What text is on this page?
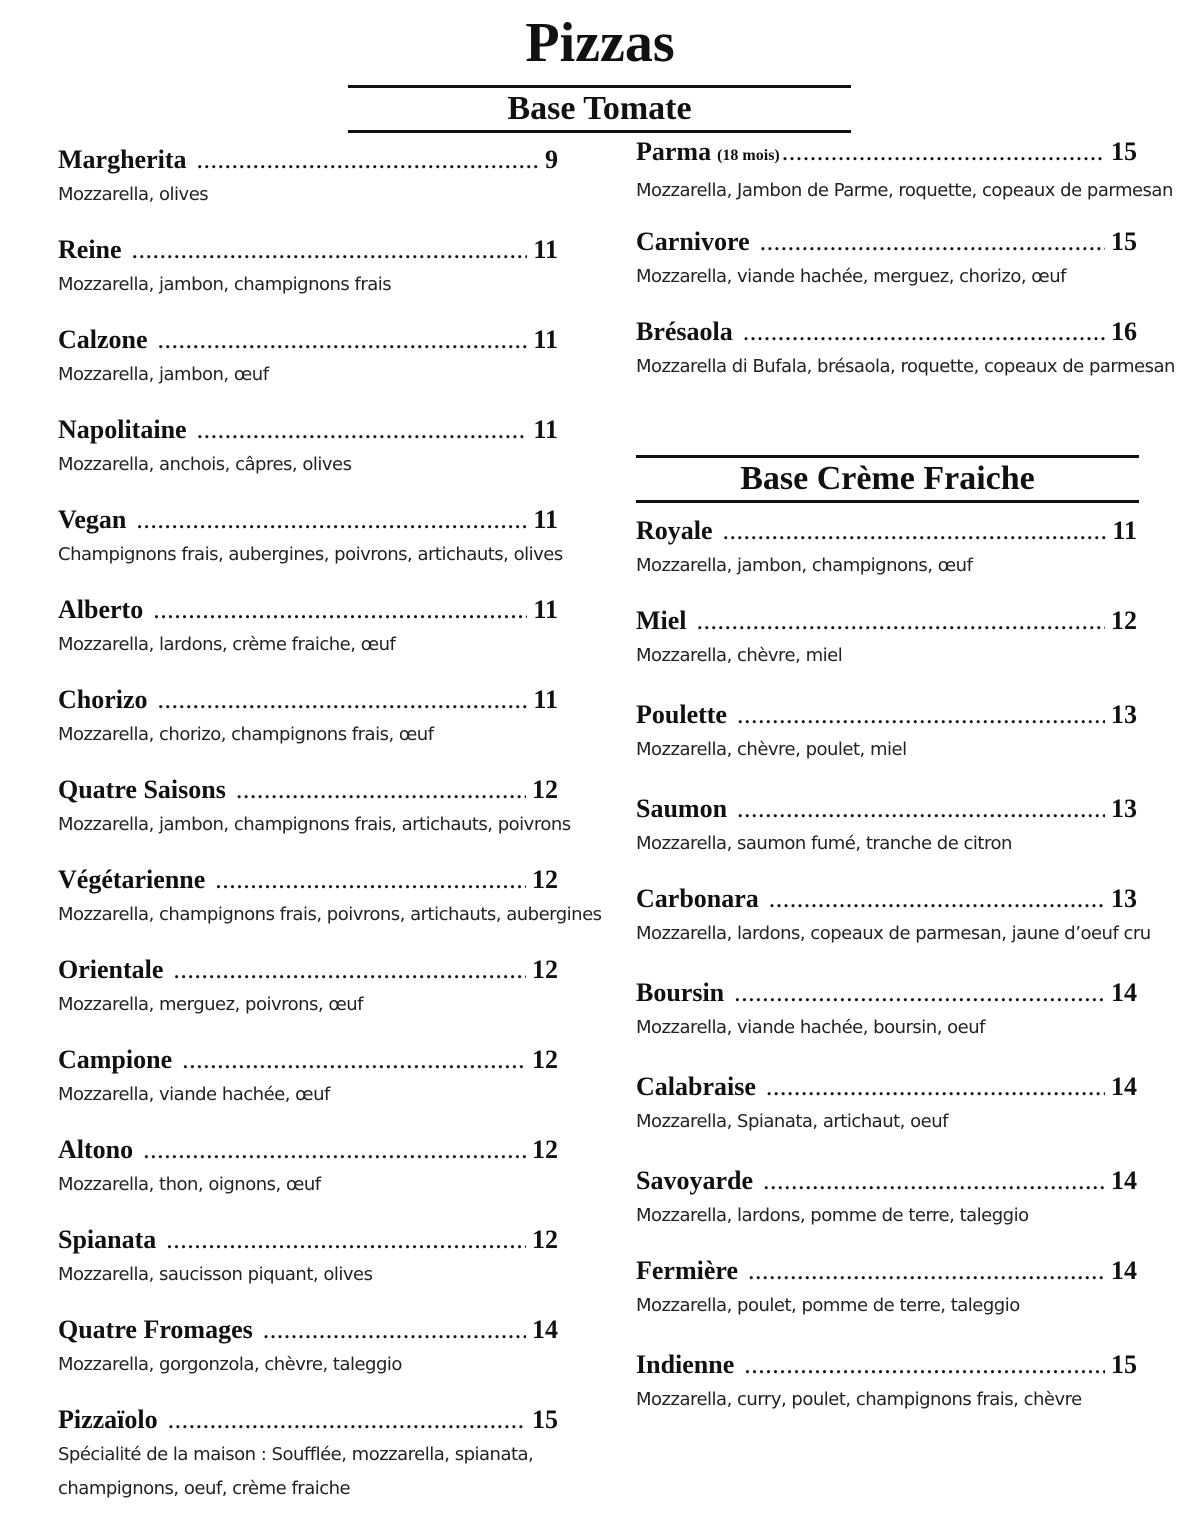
Pizzas
Base Tomate
Margherita .....	9
Mozzarella, olives
Reine .....	11
Mozzarella, jambon, champignons frais
Calzone .....	11
Mozzarella, jambon, œuf
Napolitaine .....	11
Mozzarella, anchois, câpres, olives
Vegan .....	11
Champignons frais, aubergines, poivrons, artichauts, olives
Alberto .....	11
Mozzarella, lardons, crème fraiche, œuf
Chorizo .....	11
Mozzarella, chorizo, champignons frais, œuf
Quatre Saisons .....	12
Mozzarella, jambon, champignons frais, artichauts, poivrons
Végétarienne .....	12
Mozzarella, champignons frais, poivrons, artichauts, aubergines
Orientale .....	12
Mozzarella, merguez, poivrons, œuf
Campione .....	12
Mozzarella, viande hachée, œuf
Altono .....	12
Mozzarella, thon, oignons, œuf
Spianata .....	12
Mozzarella, saucisson piquant, olives
Quatre Fromages .....	14
Mozzarella, gorgonzola, chèvre, taleggio
Pizzaïolo .....	15
Spécialité de la maison : Soufflée, mozzarella, spianata,
champignons, oeuf, crème fraiche
Parma (18 mois) .....	15
Mozzarella, Jambon de Parme, roquette, copeaux de parmesan
Carnivore .....	15
Mozzarella, viande hachée, merguez, chorizo, œuf
Brésaola .....	16
Mozzarella di Bufala, brésaola, roquette, copeaux de parmesan
Base Crème Fraiche
Royale .....	11
Mozzarella, jambon, champignons, œuf
Miel .....	12
Mozzarella, chèvre, miel
Poulette .....	13
Mozzarella, chèvre, poulet, miel
Saumon .....	13
Mozzarella, saumon fumé, tranche de citron
Carbonara .....	13
Mozzarella, lardons, copeaux de parmesan, jaune d’oeuf cru
Boursin .....	14
Mozzarella, viande hachée, boursin, oeuf
Calabraise .....	14
Mozzarella, Spianata, artichaut, oeuf
Savoyarde .....	14
Mozzarella, lardons, pomme de terre, taleggio
Fermière .....	14
Mozzarella, poulet, pomme de terre, taleggio
Indienne .....	15
Mozzarella, curry, poulet, champignons frais, chèvre
